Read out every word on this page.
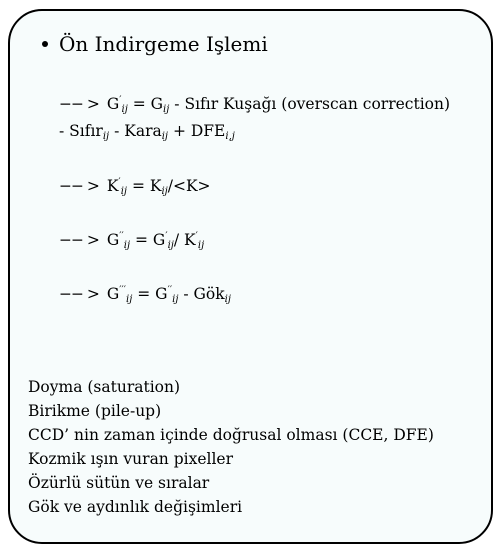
Ön Indirgeme Işlemi
−− > $G'_{ij} = G_{ij}$ - Sıfır Kuşağı (overscan correction)
- Sıfır$_{ij}$ - Kara$_{ij}$ + $DFE_{i,j}$
−− > $K'_{ij} = K_{ij}/<K>$
−− > $G''_{ij} = G'_{ij}/$ $K'_{ij}$
−− > $G'''_{ij} = G''_{ij}$ - Gök$_{ij}$
Doyma (saturation)
Birikme (pile-up)
CCD’ nin zaman içinde doğrusal olması (CCE, DFE)
Kozmik ışın vuran pixeller
Özürlü sütün ve sıralar
Gök ve aydınlık değişimleri
